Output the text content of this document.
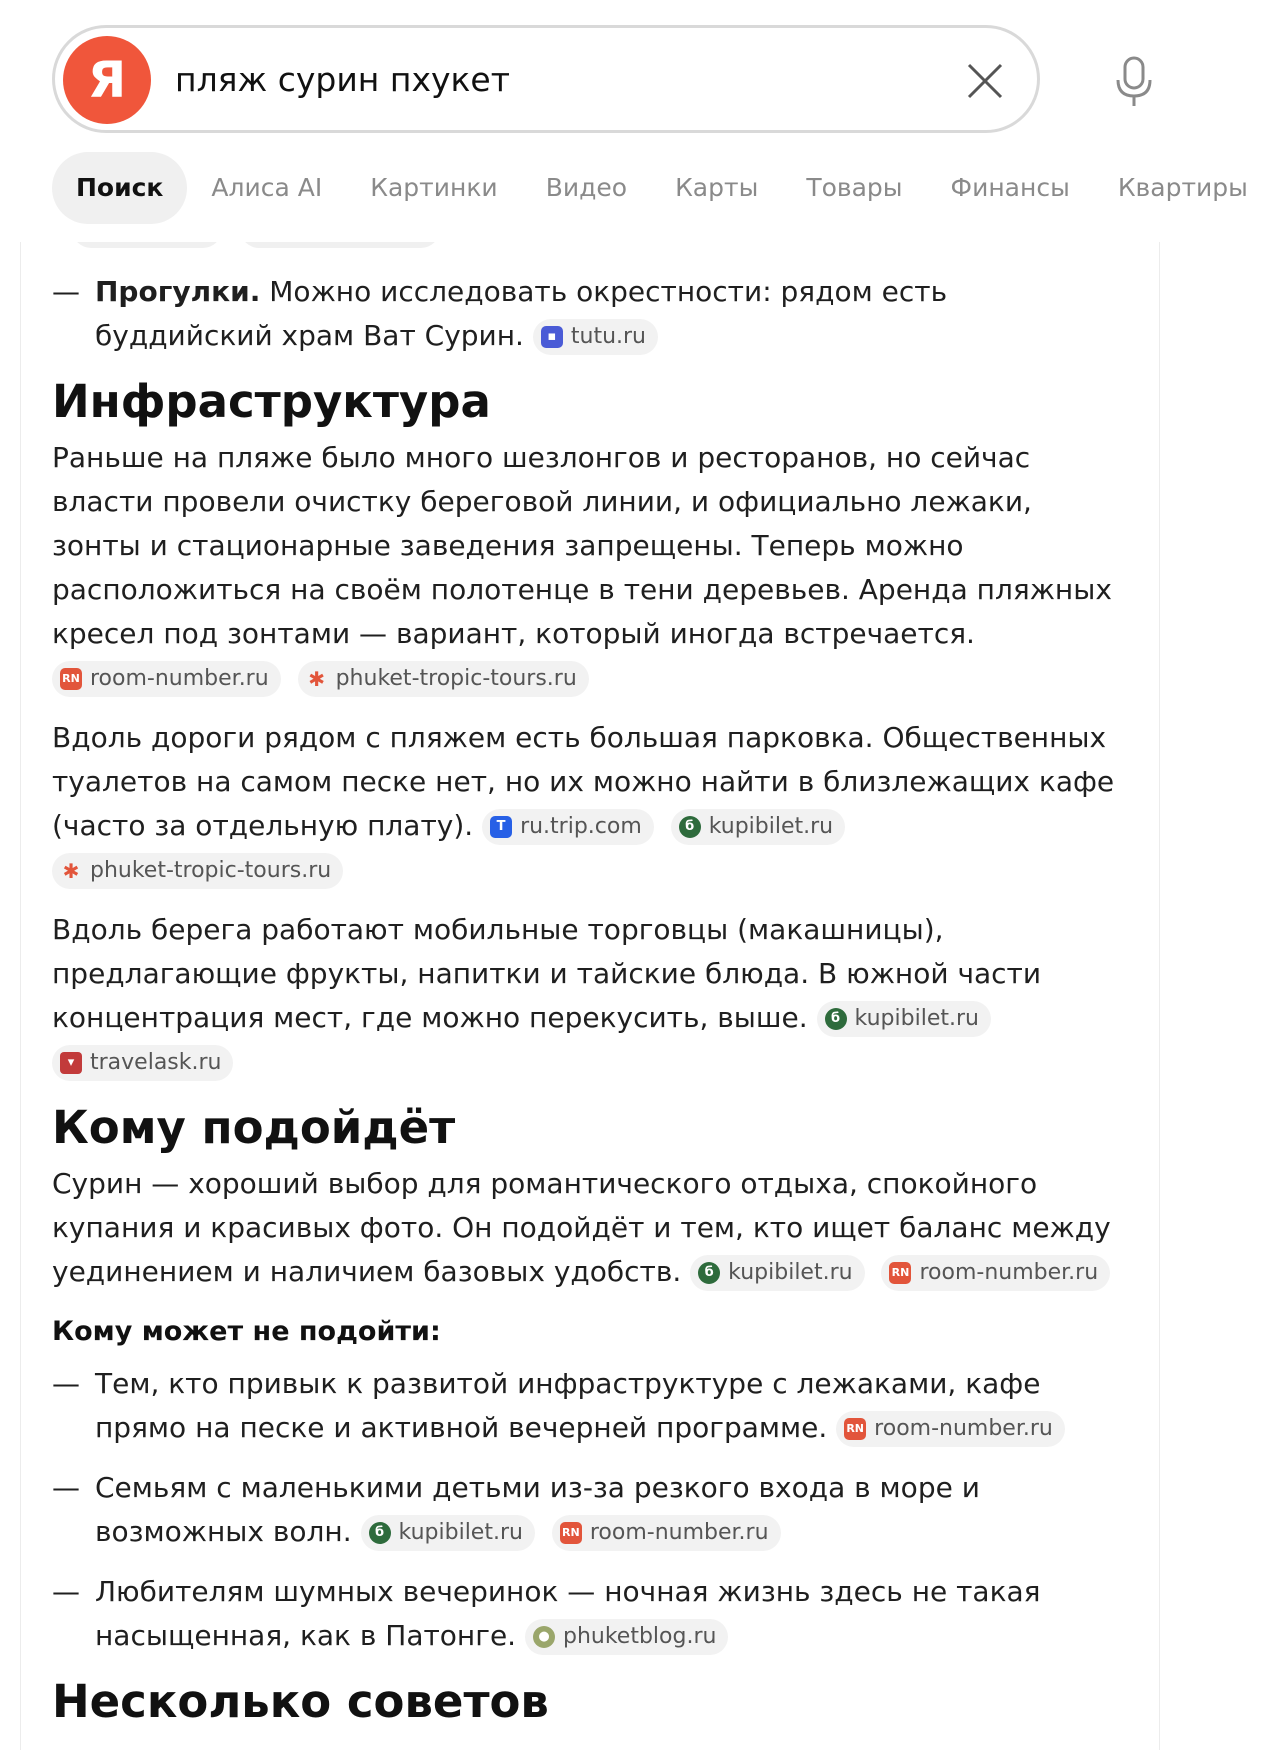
Я
пляж сурин пхукет
Поиск	Алиса AI	Картинки	Видео	Карты	Товары	Финансы	Квартиры
— Прогулки. Можно исследовать окрестности: рядом есть
буддийский храм Ват Сурин.	▪ tutu.ru
Инфраструктура
Раньше на пляже было много шезлонгов и ресторанов, но сейчас
власти провели очистку береговой линии, и официально лежаки,
зонты и стационарные заведения запрещены. Теперь можно
расположиться на своём полотенце в тени деревьев. Аренда пляжных
кресел под зонтами — вариант, который иногда встречается.
RN room-number.ru
✱ phuket-tropic-tours.ru
Вдоль дороги рядом с пляжем есть большая парковка. Общественных
туалетов на самом песке нет, но их можно найти в близлежащих кафе
(часто за отдельную плату).	T ru.trip.com
	б kupibilet.ru
✱ phuket-tropic-tours.ru
Вдоль берега работают мобильные торговцы (макашницы),
предлагающие фрукты, напитки и тайские блюда. В южной части
концентрация мест, где можно перекусить, выше.	б kupibilet.ru
▾ travelask.ru
Кому подойдёт
Сурин — хороший выбор для романтического отдыха, спокойного
купания и красивых фото. Он подойдёт и тем, кто ищет баланс между
уединением и наличием базовых удобств.	б kupibilet.ru
	RN room-number.ru
Кому может не подойти:
— Тем, кто привык к развитой инфраструктуре с лежаками, кафе
прямо на песке и активной вечерней программе. RN room-number.ru
— Семьям с маленькими детьми из-за резкого входа в море и
возможных волн.	б kupibilet.ru
	RN room-number.ru
— Любителям шумных вечеринок — ночная жизнь здесь не такая
насыщенная, как в Патонге.	● phuketblog.ru
Несколько советов
